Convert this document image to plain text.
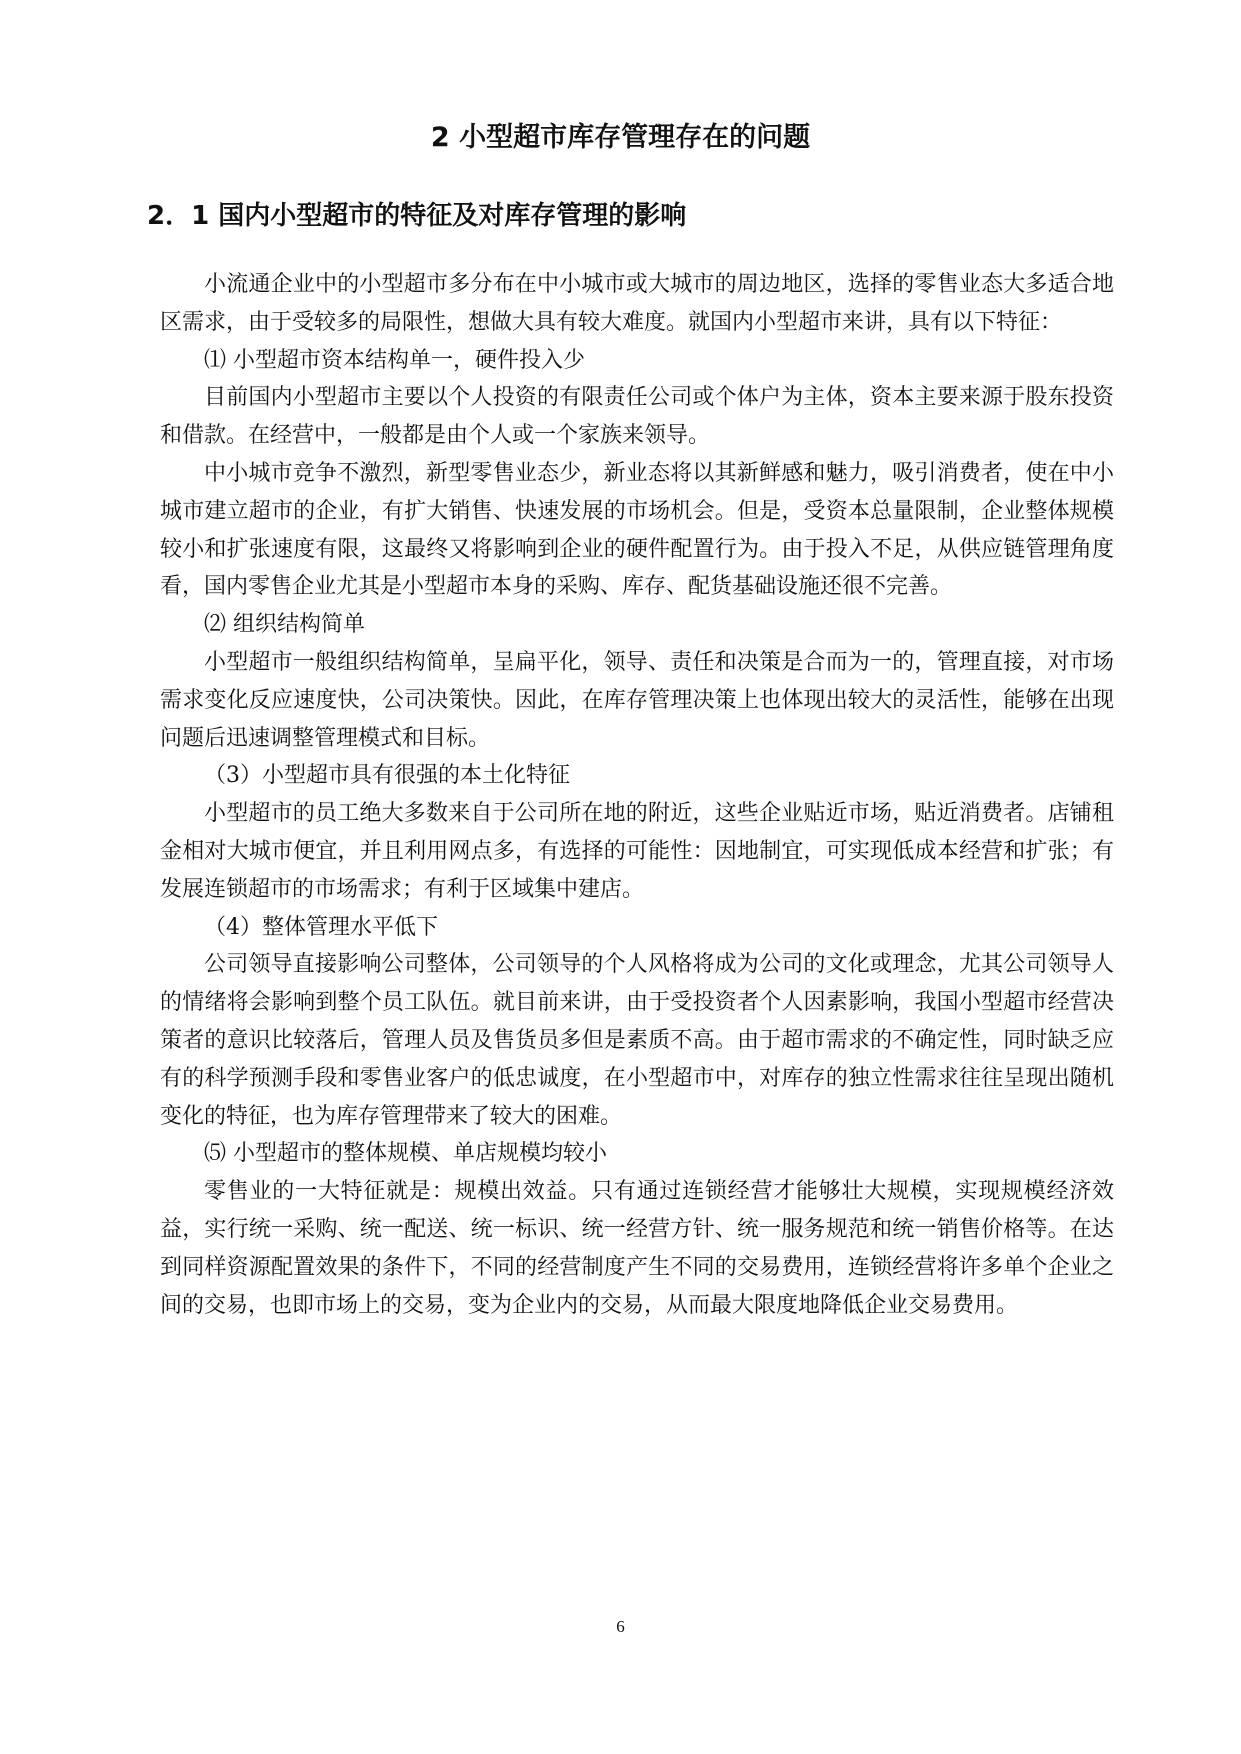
2 小型超市库存管理存在的问题
2．1 国内小型超市的特征及对库存管理的影响

小流通企业中的小型超市多分布在中小城市或大城市的周边地区，选择的零售业态大多适合地区需求，由于受较多的局限性，想做大具有较大难度。就国内小型超市来讲，具有以下特征：

⑴ 小型超市资本结构单一，硬件投入少

目前国内小型超市主要以个人投资的有限责任公司或个体户为主体，资本主要来源于股东投资和借款。在经营中，一般都是由个人或一个家族来领导。

中小城市竞争不激烈，新型零售业态少，新业态将以其新鲜感和魅力，吸引消费者，使在中小城市建立超市的企业，有扩大销售、快速发展的市场机会。但是，受资本总量限制，企业整体规模较小和扩张速度有限，这最终又将影响到企业的硬件配置行为。由于投入不足，从供应链管理角度看，国内零售企业尤其是小型超市本身的采购、库存、配货基础设施还很不完善。

⑵ 组织结构简单

小型超市一般组织结构简单，呈扁平化，领导、责任和决策是合而为一的，管理直接，对市场需求变化反应速度快，公司决策快。因此，在库存管理决策上也体现出较大的灵活性，能够在出现问题后迅速调整管理模式和目标。

（3）小型超市具有很强的本土化特征

小型超市的员工绝大多数来自于公司所在地的附近，这些企业贴近市场，贴近消费者。店铺租金相对大城市便宜，并且利用网点多，有选择的可能性：因地制宜，可实现低成本经营和扩张；有发展连锁超市的市场需求；有利于区域集中建店。

（4）整体管理水平低下

公司领导直接影响公司整体，公司领导的个人风格将成为公司的文化或理念，尤其公司领导人的情绪将会影响到整个员工队伍。就目前来讲，由于受投资者个人因素影响，我国小型超市经营决策者的意识比较落后，管理人员及售货员多但是素质不高。由于超市需求的不确定性，同时缺乏应有的科学预测手段和零售业客户的低忠诚度，在小型超市中，对库存的独立性需求往往呈现出随机变化的特征，也为库存管理带来了较大的困难。

⑸ 小型超市的整体规模、单店规模均较小

零售业的一大特征就是：规模出效益。只有通过连锁经营才能够壮大规模，实现规模经济效益，实行统一采购、统一配送、统一标识、统一经营方针、统一服务规范和统一销售价格等。在达到同样资源配置效果的条件下，不同的经营制度产生不同的交易费用，连锁经营将许多单个企业之间的交易，也即市场上的交易，变为企业内的交易，从而最大限度地降低企业交易费用。

6
